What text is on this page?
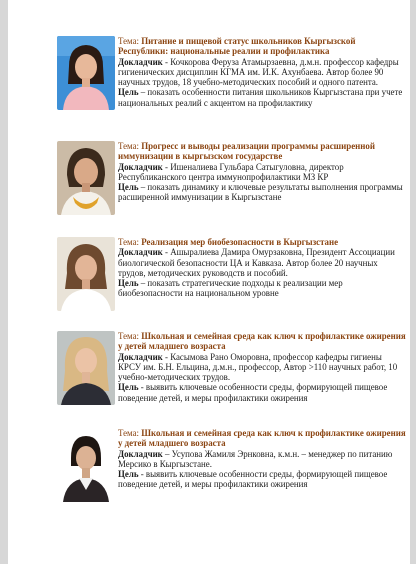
Тема: Питание и пищевой статус школьников Кыргызской Республики: национальные реалии и профилактика

Докладчик - Кочкорова Феруза Атамырзаевна, д.м.н. профессор кафедры гигиенических дисциплин КГМА им. И.К. Ахунбаева. Автор более 90 научных трудов, 18 учебно-методических пособий и одного патента.

Цель – показать особенности питания школьников Кыргызстана при учете национальных реалий с акцентом на профилактику

Тема: Прогресс и выводы реализации программы расширенной иммунизации в кыргызском государстве

Докладчик - Ишеналиева Гульбара Сатыгуловна, директор Республиканского центра иммунопрофилактики МЗ КР

Цель – показать динамику и ключевые результаты выполнения программы расширенной иммунизации в Кыргызстане

Тема: Реализация мер биобезопасности в Кыргызстане

Докладчик - Ашыралиева Дамира Омурзаковна, Президент Ассоциации биологической безопасности ЦА и Кавказа. Автор более 20 научных трудов, методических руководств и пособий.

Цель – показать стратегические подходы к реализации мер биобезопасности на национальном уровне

Тема: Школьная и семейная среда как ключ к профилактике ожирения у детей младшего возраста

Докладчик - Касымова Рано Оморовна, профессор кафедры гигиены КРСУ им. Б.Н. Ельцина, д.м.н., профессор, Автор >110 научных работ, 10 учебно-методических трудов.

Цель - выявить ключевые особенности среды, формирующей пищевое поведение детей, и меры профилактики ожирения

Тема: Школьная и семейная среда как ключ к профилактике ожирения у детей младшего возраста

Докладчик – Усупова Жамиля Эрнковна, к.м.н. – менеджер по питанию Мерсико в Кыргызстане.

Цель - выявить ключевые особенности среды, формирующей пищевое поведение детей, и меры профилактики ожирения
